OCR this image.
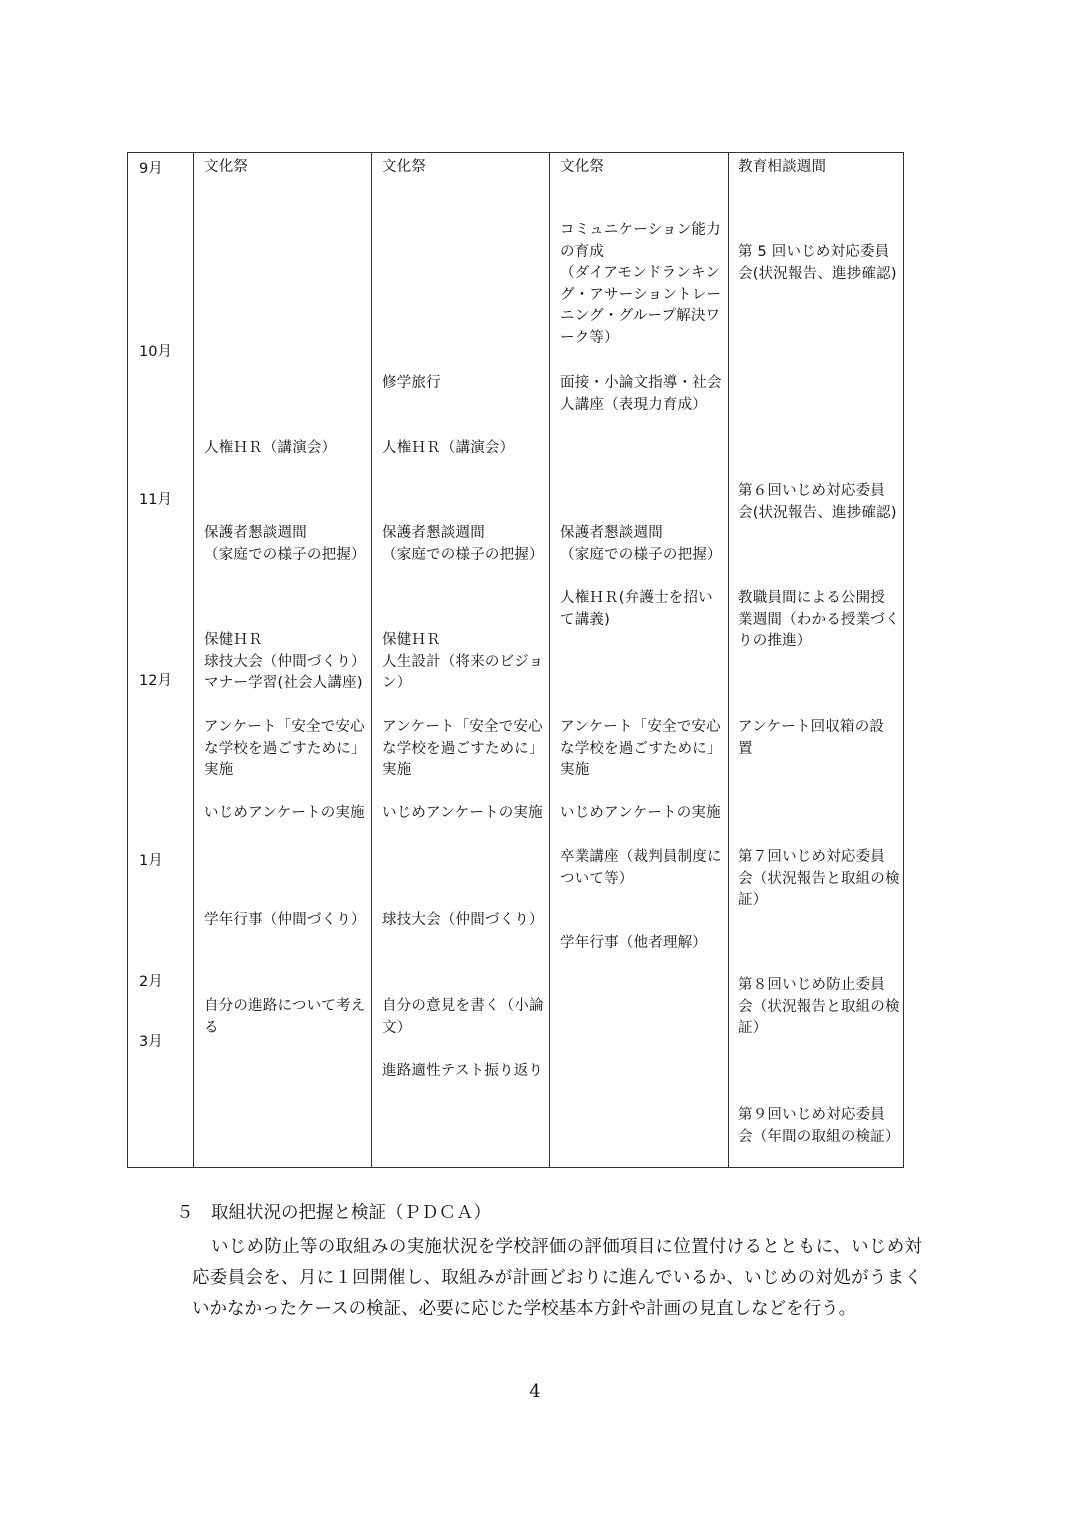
9月
10月
11月
12月
1月
2月
3月
文化祭
人権ＨＲ（講演会）
保護者懇談週間
（家庭での様子の把握）
保健ＨＲ
球技大会（仲間づくり）
マナー学習(社会人講座)
アンケート「安全で安心
な学校を過ごすために」
実施
いじめアンケートの実施
学年行事（仲間づくり）
自分の進路について考え
る
文化祭
修学旅行
人権ＨＲ（講演会）
保護者懇談週間
（家庭での様子の把握）
保健ＨＲ
人生設計（将来のビジョ
ン）
アンケート「安全で安心
な学校を過ごすために」
実施
いじめアンケートの実施
球技大会（仲間づくり）
自分の意見を書く（小論
文）
進路適性テスト振り返り
文化祭
コミュニケーション能力
の育成
（ダイアモンドランキン
グ・アサーショントレー
ニング・グループ解決ワ
ーク等）
面接・小論文指導・社会
人講座（表現力育成）
保護者懇談週間
（家庭での様子の把握）
人権ＨＲ(弁護士を招い
て講義)
アンケート「安全で安心
な学校を過ごすために」
実施
いじめアンケートの実施
卒業講座（裁判員制度に
ついて等）
学年行事（他者理解）
教育相談週間
第 5 回いじめ対応委員
会(状況報告、進捗確認)
第６回いじめ対応委員
会(状況報告、進捗確認)
教職員間による公開授
業週間（わかる授業づく
りの推進）
アンケート回収箱の設
置
第７回いじめ対応委員
会（状況報告と取組の検
証）
第８回いじめ防止委員
会（状況報告と取組の検
証）
第９回いじめ対応委員
会（年間の取組の検証）
５　取組状況の把握と検証（ＰＤＣＡ）
いじめ防止等の取組みの実施状況を学校評価の評価項目に位置付けるとともに、いじめ対応委員会を、月に１回開催し、取組みが計画どおりに進んでいるか、いじめの対処がうまくいかなかったケースの検証、必要に応じた学校基本方針や計画の見直しなどを行う。
4
